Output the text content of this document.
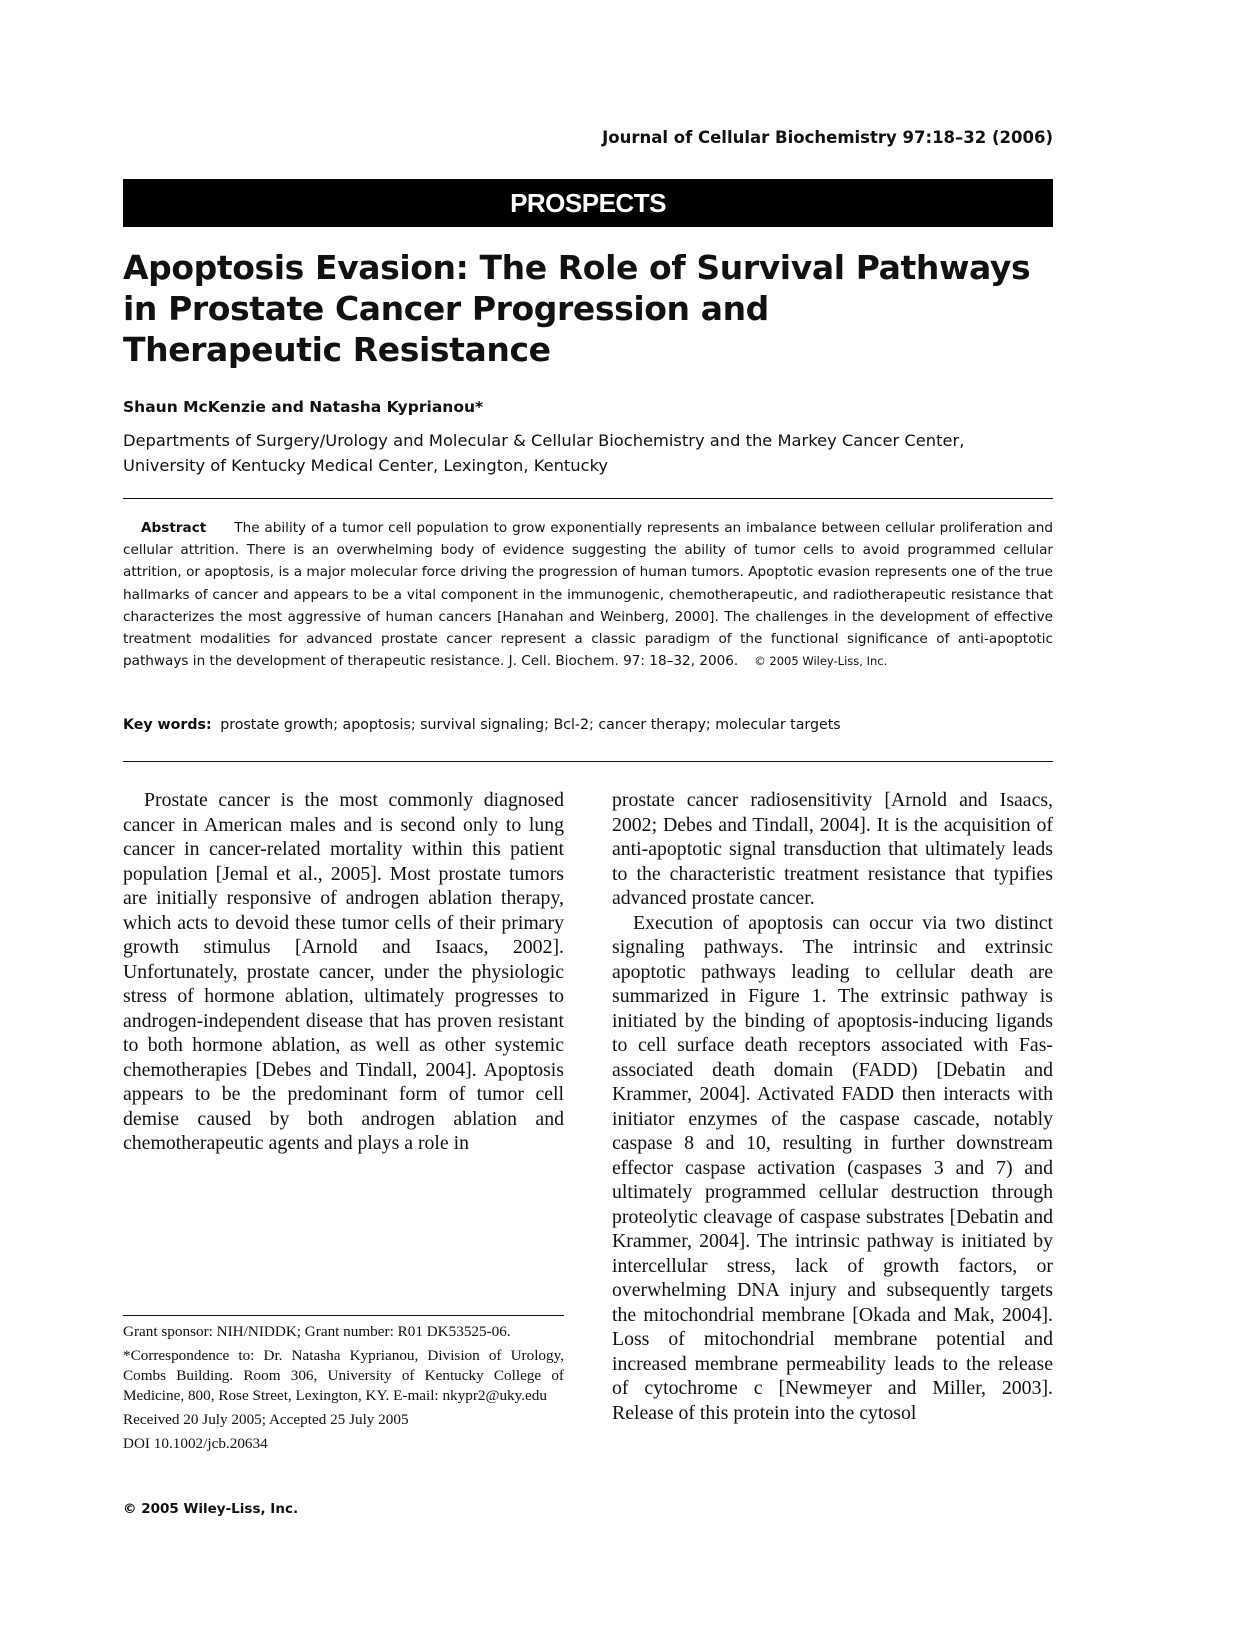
Journal of Cellular Biochemistry 97:18–32 (2006)
PROSPECTS
Apoptosis Evasion: The Role of Survival Pathways
in Prostate Cancer Progression and
Therapeutic Resistance
Shaun McKenzie and Natasha Kyprianou*
Departments of Surgery/Urology and Molecular & Cellular Biochemistry and the Markey Cancer Center,
University of Kentucky Medical Center, Lexington, Kentucky
Abstract The ability of a tumor cell population to grow exponentially represents an imbalance between cellular proliferation and cellular attrition. There is an overwhelming body of evidence suggesting the ability of tumor cells to avoid programmed cellular attrition, or apoptosis, is a major molecular force driving the progression of human tumors. Apoptotic evasion represents one of the true hallmarks of cancer and appears to be a vital component in the immunogenic, chemotherapeutic, and radiotherapeutic resistance that characterizes the most aggressive of human cancers [Hanahan and Weinberg, 2000]. The challenges in the development of effective treatment modalities for advanced prostate cancer represent a classic paradigm of the functional significance of anti-apoptotic pathways in the development of therapeutic resistance. J. Cell. Biochem. 97: 18–32, 2006. © 2005 Wiley-Liss, Inc.
Key words: prostate growth; apoptosis; survival signaling; Bcl-2; cancer therapy; molecular targets

Prostate cancer is the most commonly diagnosed cancer in American males and is second only to lung cancer in cancer-related mortality within this patient population [Jemal et al., 2005]. Most prostate tumors are initially responsive of androgen ablation therapy, which acts to devoid these tumor cells of their primary growth stimulus [Arnold and Isaacs, 2002]. Unfortunately, prostate cancer, under the physiologic stress of hormone ablation, ultimately progresses to androgen-independent disease that has proven resistant to both hormone ablation, as well as other systemic chemotherapies [Debes and Tindall, 2004]. Apoptosis appears to be the predominant form of tumor cell demise caused by both androgen ablation and chemotherapeutic agents and plays a role in

prostate cancer radiosensitivity [Arnold and Isaacs, 2002; Debes and Tindall, 2004]. It is the acquisition of anti-apoptotic signal transduction that ultimately leads to the characteristic treatment resistance that typifies advanced prostate cancer.

Execution of apoptosis can occur via two distinct signaling pathways. The intrinsic and extrinsic apoptotic pathways leading to cellular death are summarized in Figure 1. The extrinsic pathway is initiated by the binding of apoptosis-inducing ligands to cell surface death receptors associated with Fas-associated death domain (FADD) [Debatin and Krammer, 2004]. Activated FADD then interacts with initiator enzymes of the caspase cascade, notably caspase 8 and 10, resulting in further downstream effector caspase activation (caspases 3 and 7) and ultimately programmed cellular destruction through proteolytic cleavage of caspase substrates [Debatin and Krammer, 2004]. The intrinsic pathway is initiated by intercellular stress, lack of growth factors, or overwhelming DNA injury and subsequently targets the mitochondrial membrane [Okada and Mak, 2004]. Loss of mitochondrial membrane potential and increased membrane permeability leads to the release of cytochrome c [Newmeyer and Miller, 2003]. Release of this protein into the cytosol

Grant sponsor: NIH/NIDDK; Grant number: R01 DK53525-06.

*Correspondence to: Dr. Natasha Kyprianou, Division of Urology, Combs Building. Room 306, University of Kentucky College of Medicine, 800, Rose Street, Lexington, KY. E-mail: nkypr2@uky.edu

Received 20 July 2005; Accepted 25 July 2005

DOI 10.1002/jcb.20634

© 2005 Wiley-Liss, Inc.
